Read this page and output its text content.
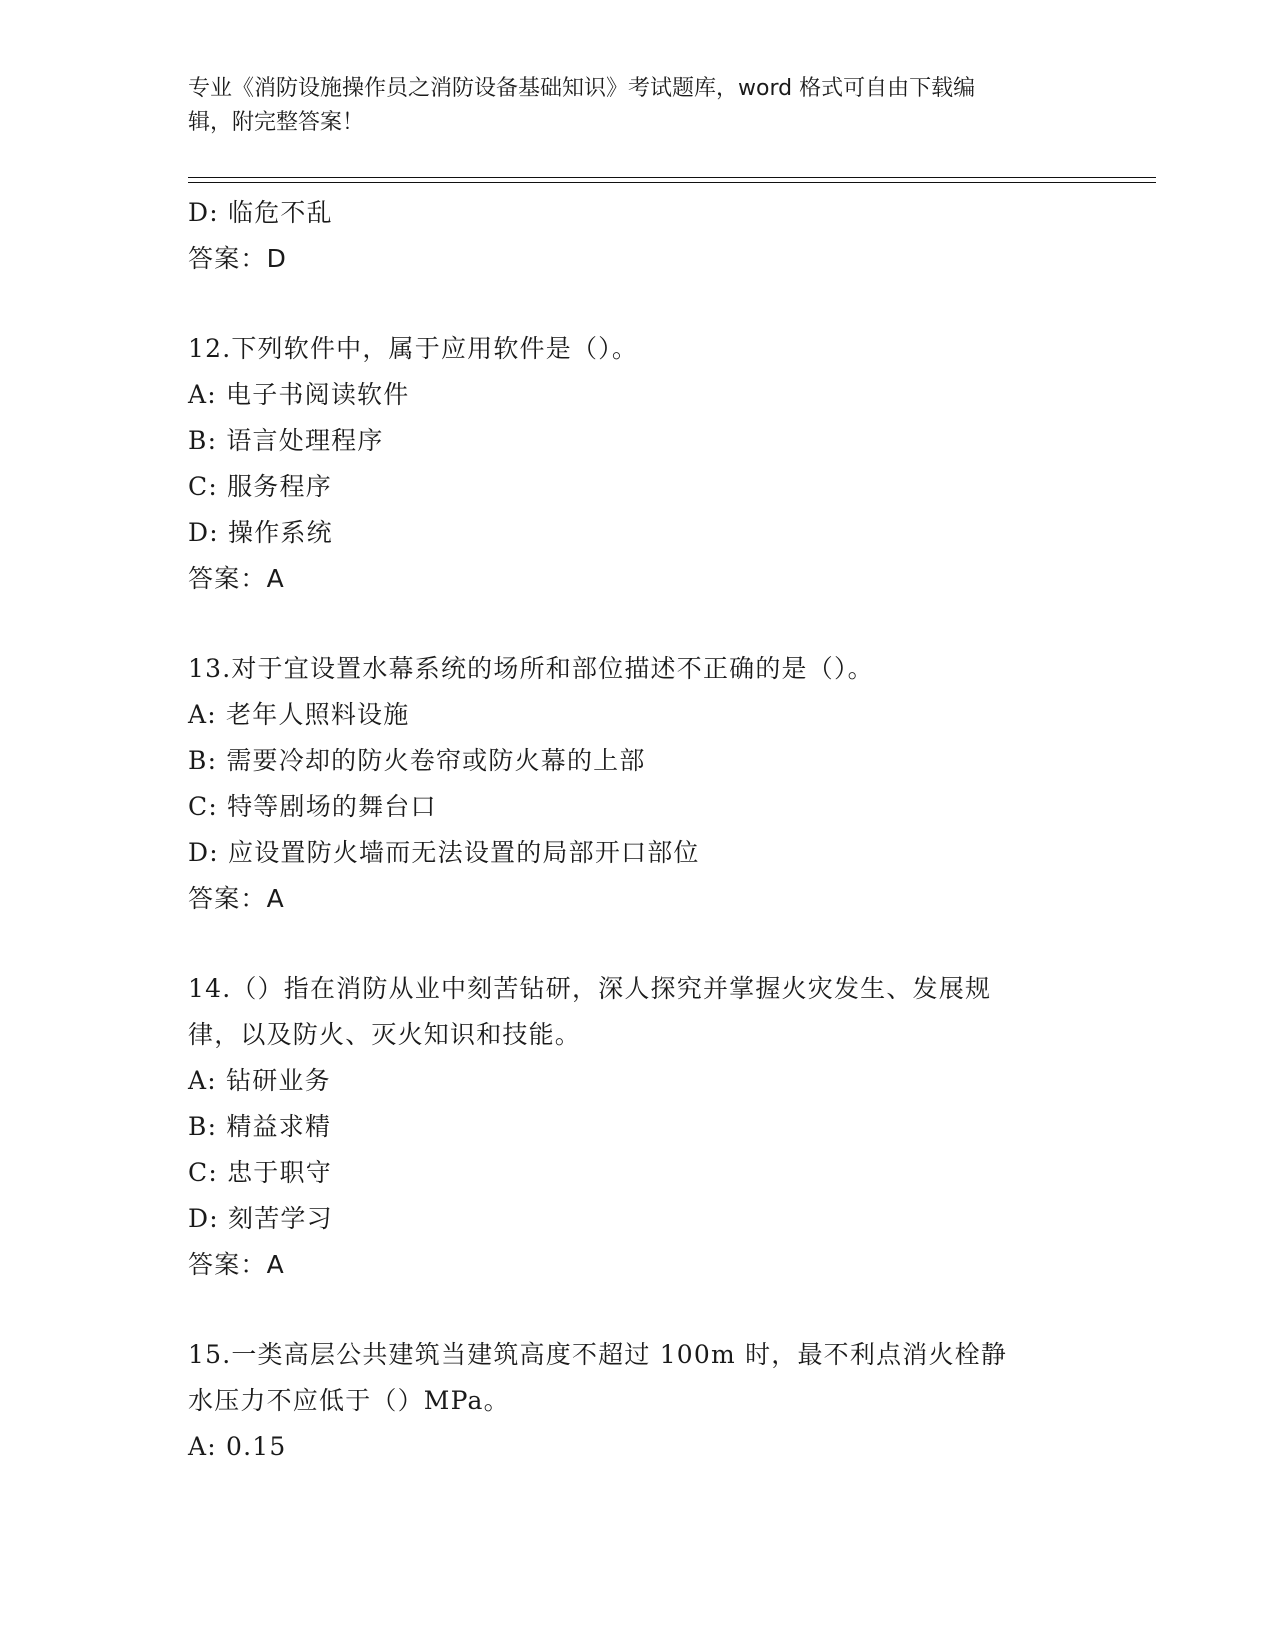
专业《消防设施操作员之消防设备基础知识》考试题库，word 格式可自由下载编
辑，附完整答案！
D: 临危不乱
答案：D
12.下列软件中，属于应用软件是（）。
A: 电子书阅读软件
B: 语言处理程序
C: 服务程序
D: 操作系统
答案：A
13.对于宜设置水幕系统的场所和部位描述不正确的是（）。
A: 老年人照料设施
B: 需要冷却的防火卷帘或防火幕的上部
C: 特等剧场的舞台口
D: 应设置防火墙而无法设置的局部开口部位
答案：A
14.（）指在消防从业中刻苦钻研，深人探究并掌握火灾发生、发展规
律，以及防火、灭火知识和技能。
A: 钻研业务
B: 精益求精
C: 忠于职守
D: 刻苦学习
答案：A
15.一类高层公共建筑当建筑高度不超过 100m 时，最不利点消火栓静
水压力不应低于（）MPa。
A: 0.15
